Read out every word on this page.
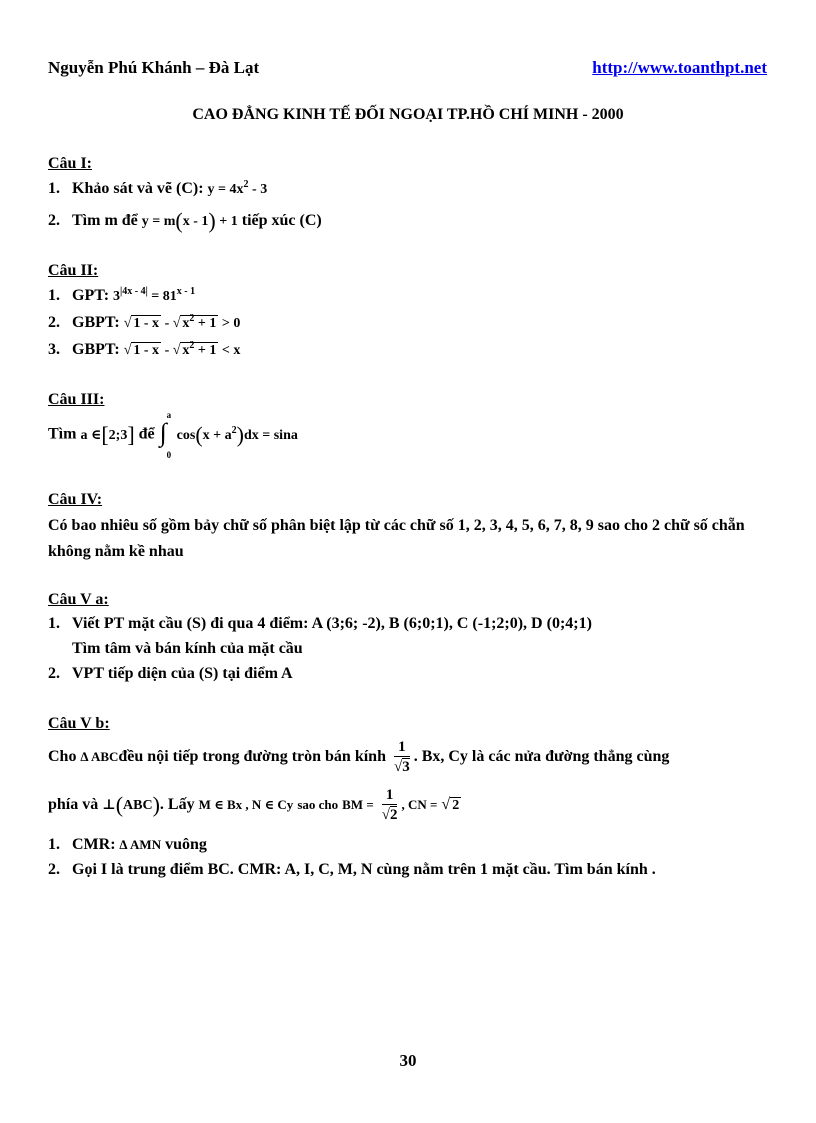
Nguyễn Phú Khánh – Đà Lạt	http://www.toanthpt.net
CAO ĐẲNG KINH TẾ ĐỐI NGOẠI TP.HỒ CHÍ MINH - 2000
Câu I:
1. Khảo sát và vẽ (C): $y = 4x^2 - 3$
2. Tìm m để y = m(x - 1) + 1 tiếp xúc (C)
Câu II:
1. GPT: $3^{|4x - 4|} = 81^{x - 1}$
2. GBPT: √ 1 - x - √ $x^2 + 1 > 0$
3. GBPT: √ 1 - x - √ $x^2 + 1 < x$
Câu III:
Tìm a ∈[2;3] để ∫
a
0
$\cos(x + a^2)dx = \sin a$
Câu IV:
Có bao nhiêu số gồm bảy chữ số phân biệt lập từ các chữ số 1, 2, 3, 4, 5, 6, 7, 8, 9 sao cho 2 chữ số chẵn không nằm kề nhau
Câu V a:
1. Viết PT mặt cầu (S) đi qua 4 điểm: A (3;6; -2), B (6;0;1), C (-1;2;0), D (0;4;1)
Tìm tâm và bán kính của mặt cầu
2. VPT tiếp diện của (S) tại điểm A
Câu V b:
Cho ∆ ABCđều nội tiếp trong đường tròn bán kính $\frac{1}{√3}$ . Bx, Cy là các nửa đường thẳng cùng
phía và ⊥(ABC). Lấy M ∈ Bx , N ∈ Cy sao cho BM = $\frac{1}{√2}$ , CN = √ 2
1. CMR: ∆ AMN vuông
2. Gọi I là trung điểm BC. CMR: A, I, C, M, N cùng nằm trên 1 mặt cầu. Tìm bán kính .
30
